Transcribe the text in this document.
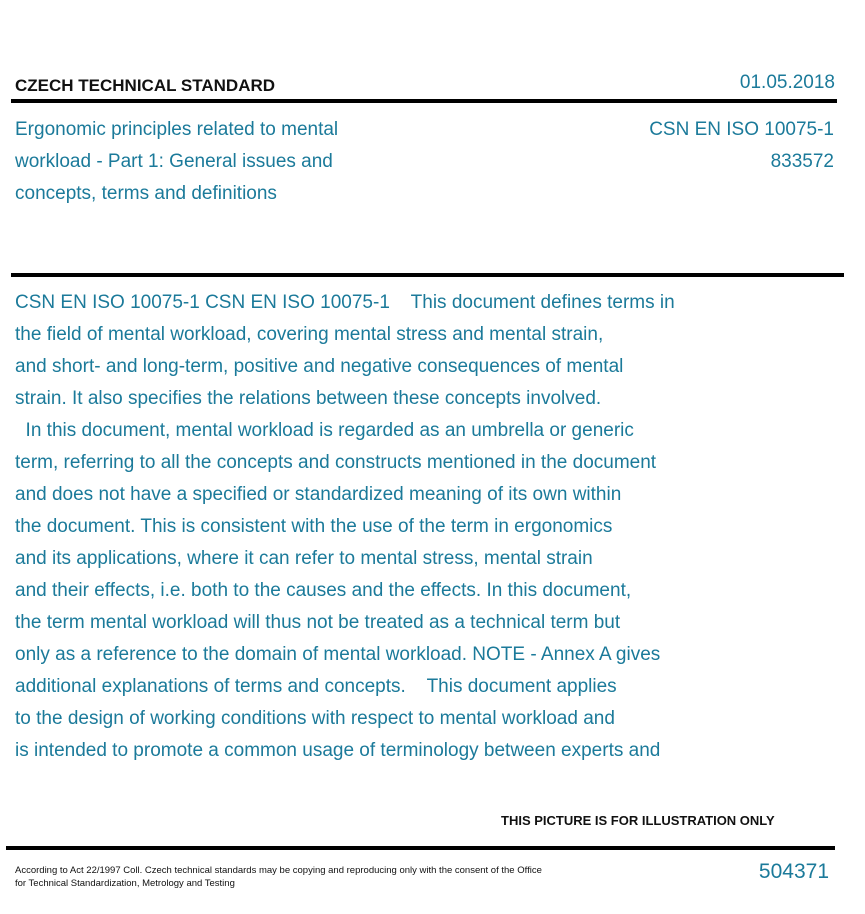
CZECH TECHNICAL STANDARD	01.05.2018
Ergonomic principles related to mental
workload - Part 1: General issues and
concepts, terms and definitions
CSN EN ISO 10075-1
833572
CSN EN ISO 10075-1 CSN EN ISO 10075-1    This document defines terms in
the field of mental workload, covering mental stress and mental strain,
and short- and long-term, positive and negative consequences of mental
strain. It also specifies the relations between these concepts involved.
In this document, mental workload is regarded as an umbrella or generic
term, referring to all the concepts and constructs mentioned in the document
and does not have a specified or standardized meaning of its own within
the document. This is consistent with the use of the term in ergonomics
and its applications, where it can refer to mental stress, mental strain
and their effects, i.e. both to the causes and the effects. In this document,
the term mental workload will thus not be treated as a technical term but
only as a reference to the domain of mental workload. NOTE - Annex A gives
additional explanations of terms and concepts.    This document applies
to the design of working conditions with respect to mental workload and
is intended to promote a common usage of terminology between experts and
THIS PICTURE IS FOR ILLUSTRATION ONLY
According to Act 22/1997 Coll. Czech technical standards may be copying and reproducing only with the consent of the Office
for Technical Standardization, Metrology and Testing
504371
